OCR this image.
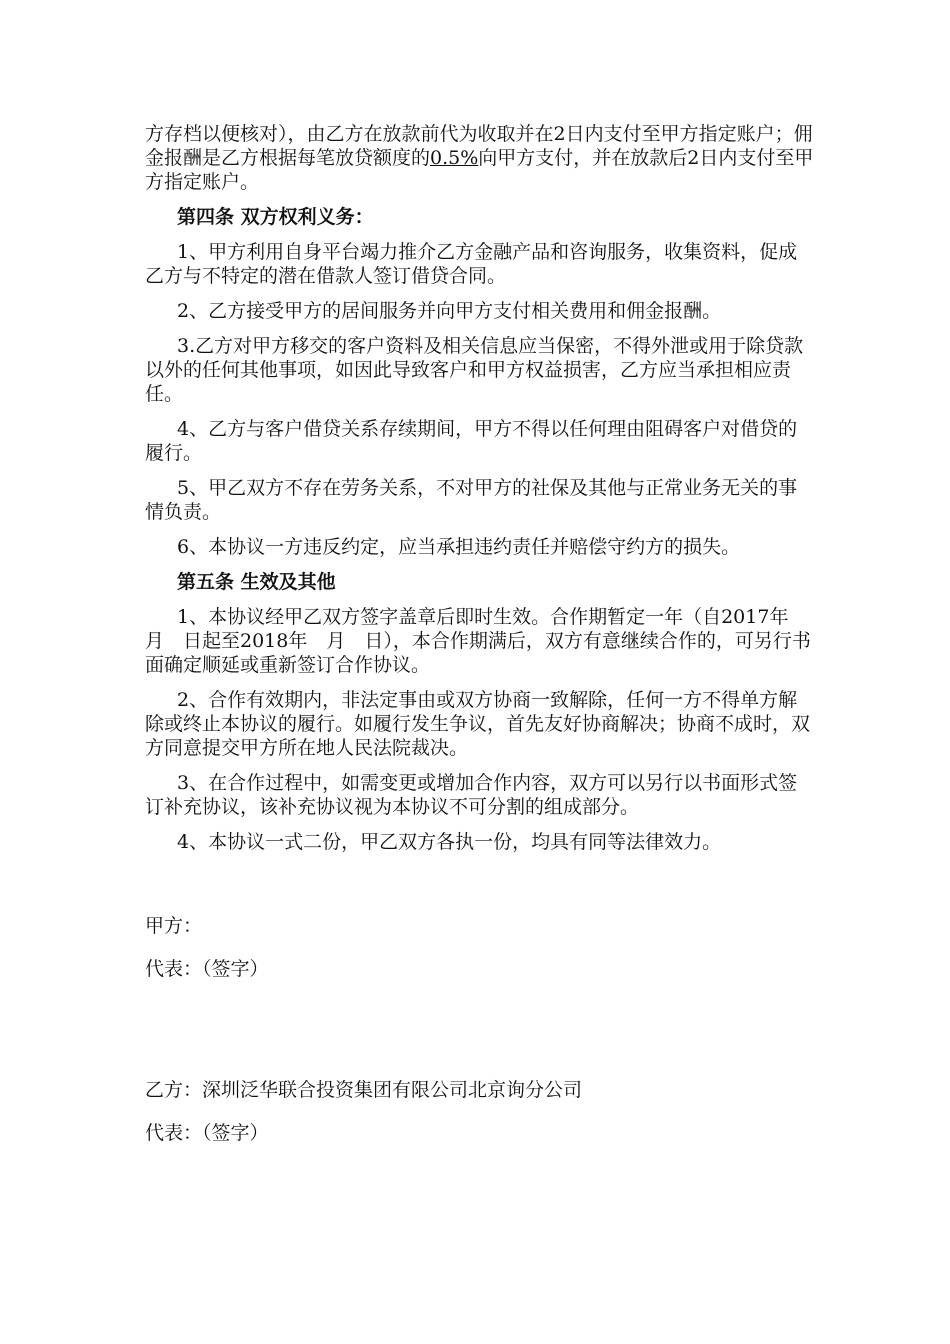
方存档以便核对），由乙方在放款前代为收取并在2日内支付至甲方指定账户；佣金报酬是乙方根据每笔放贷额度的0.5%向甲方支付，并在放款后2日内支付至甲方指定账户。

第四条 双方权利义务：

1、甲方利用自身平台竭力推介乙方金融产品和咨询服务，收集资料，促成乙方与不特定的潜在借款人签订借贷合同。

2、乙方接受甲方的居间服务并向甲方支付相关费用和佣金报酬。

3.乙方对甲方移交的客户资料及相关信息应当保密，不得外泄或用于除贷款以外的任何其他事项，如因此导致客户和甲方权益损害，乙方应当承担相应责任。

4、乙方与客户借贷关系存续期间，甲方不得以任何理由阻碍客户对借贷的履行。

5、甲乙双方不存在劳务关系，不对甲方的社保及其他与正常业务无关的事情负责。

6、本协议一方违反约定，应当承担违约责任并赔偿守约方的损失。

第五条 生效及其他

1、本协议经甲乙双方签字盖章后即时生效。合作期暂定一年（自2017年　月　日起至2018年　月　日），本合作期满后，双方有意继续合作的，可另行书面确定顺延或重新签订合作协议。

2、合作有效期内，非法定事由或双方协商一致解除，任何一方不得单方解除或终止本协议的履行。如履行发生争议，首先友好协商解决；协商不成时，双方同意提交甲方所在地人民法院裁决。

3、在合作过程中，如需变更或增加合作内容，双方可以另行以书面形式签订补充协议，该补充协议视为本协议不可分割的组成部分。

4、本协议一式二份，甲乙双方各执一份，均具有同等法律效力。

甲方：

代表：（签字）

乙方：深圳泛华联合投资集团有限公司北京询分公司

代表：（签字）
